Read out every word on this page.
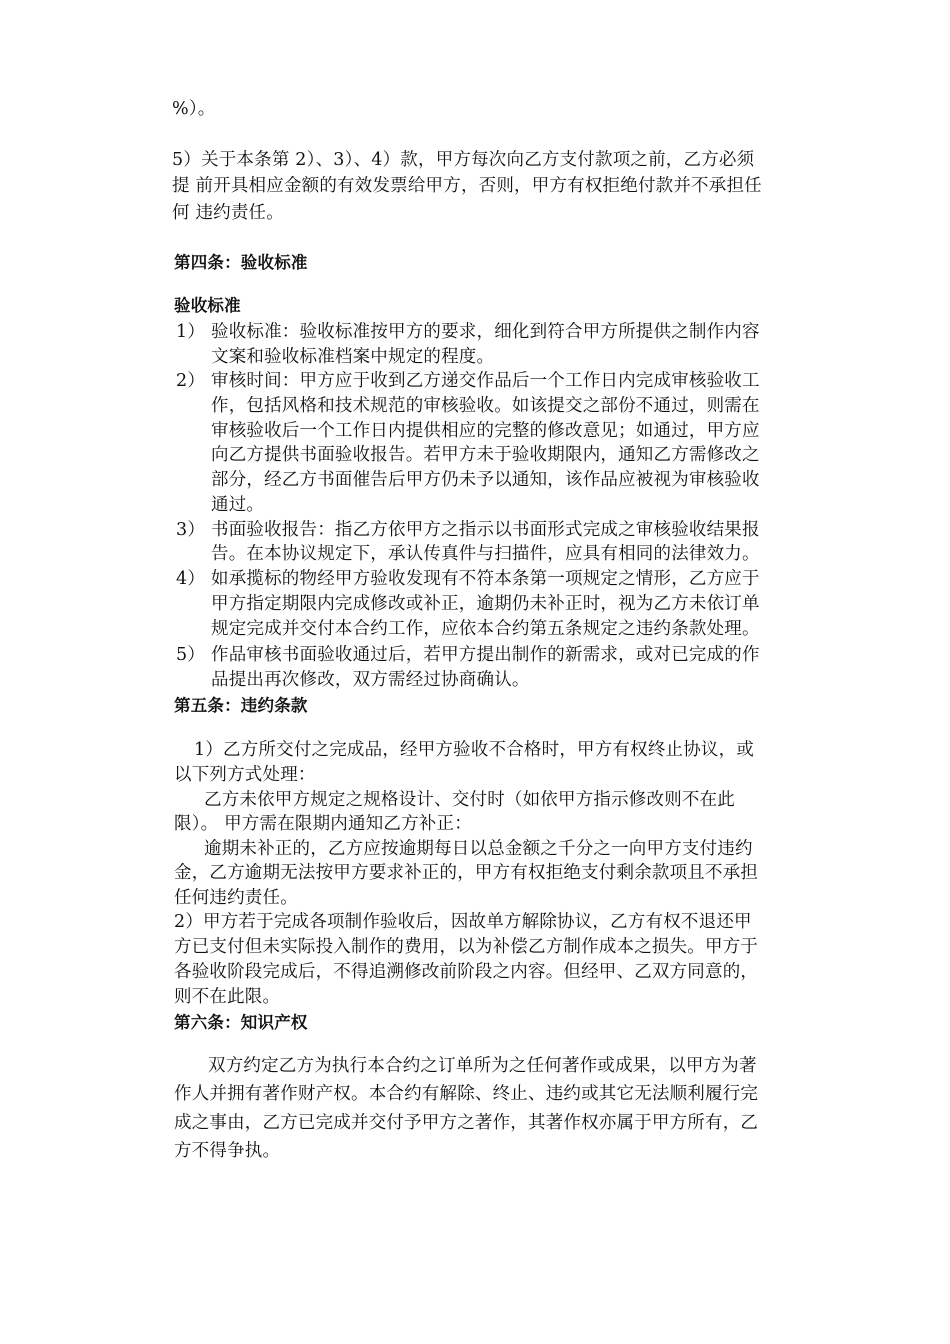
%）。
5）关于本条第 2）、3）、4）款，甲方每次向乙方支付款项之前，乙方必须
提 前开具相应金额的有效发票给甲方，否则，甲方有权拒绝付款并不承担任
何 违约责任。
第四条：验收标准
验收标准
1） 验收标准：验收标准按甲方的要求，细化到符合甲方所提供之制作内容
文案和验收标准档案中规定的程度。
2） 审核时间：甲方应于收到乙方递交作品后一个工作日内完成审核验收工
作，包括风格和技术规范的审核验收。如该提交之部份不通过，则需在
审核验收后一个工作日内提供相应的完整的修改意见；如通过，甲方应
向乙方提供书面验收报告。若甲方未于验收期限内，通知乙方需修改之
部分，经乙方书面催告后甲方仍未予以通知，该作品应被视为审核验收
通过。
3） 书面验收报告：指乙方依甲方之指示以书面形式完成之审核验收结果报
告。在本协议规定下，承认传真件与扫描件，应具有相同的法律效力。
4） 如承揽标的物经甲方验收发现有不符本条第一项规定之情形，乙方应于
甲方指定期限内完成修改或补正，逾期仍未补正时，视为乙方未依订单
规定完成并交付本合约工作，应依本合约第五条规定之违约条款处理。
5） 作品审核书面验收通过后，若甲方提出制作的新需求，或对已完成的作
品提出再次修改，双方需经过协商确认。
第五条：违约条款
1）乙方所交付之完成品，经甲方验收不合格时，甲方有权终止协议，或
以下列方式处理：
乙方未依甲方规定之规格设计、交付时（如依甲方指示修改则不在此
限）。 甲方需在限期内通知乙方补正：
逾期未补正的，乙方应按逾期每日以总金额之千分之一向甲方支付违约
金，乙方逾期无法按甲方要求补正的，甲方有权拒绝支付剩余款项且不承担
任何违约责任。
2）甲方若于完成各项制作验收后，因故单方解除协议，乙方有权不退还甲
方已支付但未实际投入制作的费用，以为补偿乙方制作成本之损失。甲方于
各验收阶段完成后，不得追溯修改前阶段之内容。但经甲、乙双方同意的，
则不在此限。
第六条：知识产权
双方约定乙方为执行本合约之订单所为之任何著作或成果，以甲方为著
作人并拥有著作财产权。本合约有解除、终止、违约或其它无法顺利履行完
成之事由，乙方已完成并交付予甲方之著作，其著作权亦属于甲方所有，乙
方不得争执。
